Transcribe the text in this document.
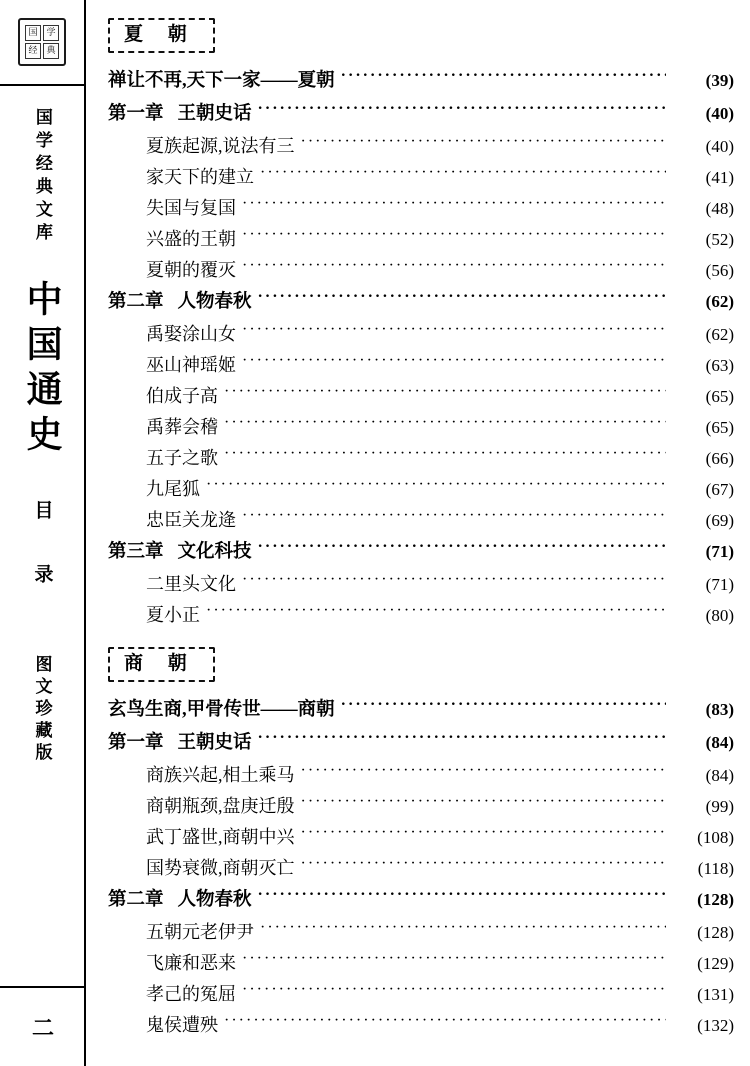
国 学
经 典
国学经典文库
中国通史
目 录
图文珍藏版
二
夏 朝
禅让不再,天下一家——夏朝 ·····	(39)
第一章 王朝史话 ·····	(40)
夏族起源,说法有三 ·····	(40)
家天下的建立 ·····	(41)
失国与复国 ·····	(48)
兴盛的王朝 ·····	(52)
夏朝的覆灭 ·····	(56)
第二章 人物春秋 ·····	(62)
禹娶涂山女 ·····	(62)
巫山神瑶姬 ·····	(63)
伯成子高 ·····	(65)
禹葬会稽 ·····	(65)
五子之歌 ·····	(66)
九尾狐 ·····	(67)
忠臣关龙逄 ·····	(69)
第三章 文化科技 ·····	(71)
二里头文化 ·····	(71)
夏小正 ·····	(80)
商 朝
玄鸟生商,甲骨传世——商朝 ·····	(83)
第一章 王朝史话 ·····	(84)
商族兴起,相土乘马 ·····	(84)
商朝瓶颈,盘庚迁殷 ·····	(99)
武丁盛世,商朝中兴 ·····	(108)
国势衰微,商朝灭亡 ·····	(118)
第二章 人物春秋 ·····	(128)
五朝元老伊尹 ·····	(128)
飞廉和恶来 ·····	(129)
孝己的冤屈 ·····	(131)
鬼侯遭殃 ·····	(132)
